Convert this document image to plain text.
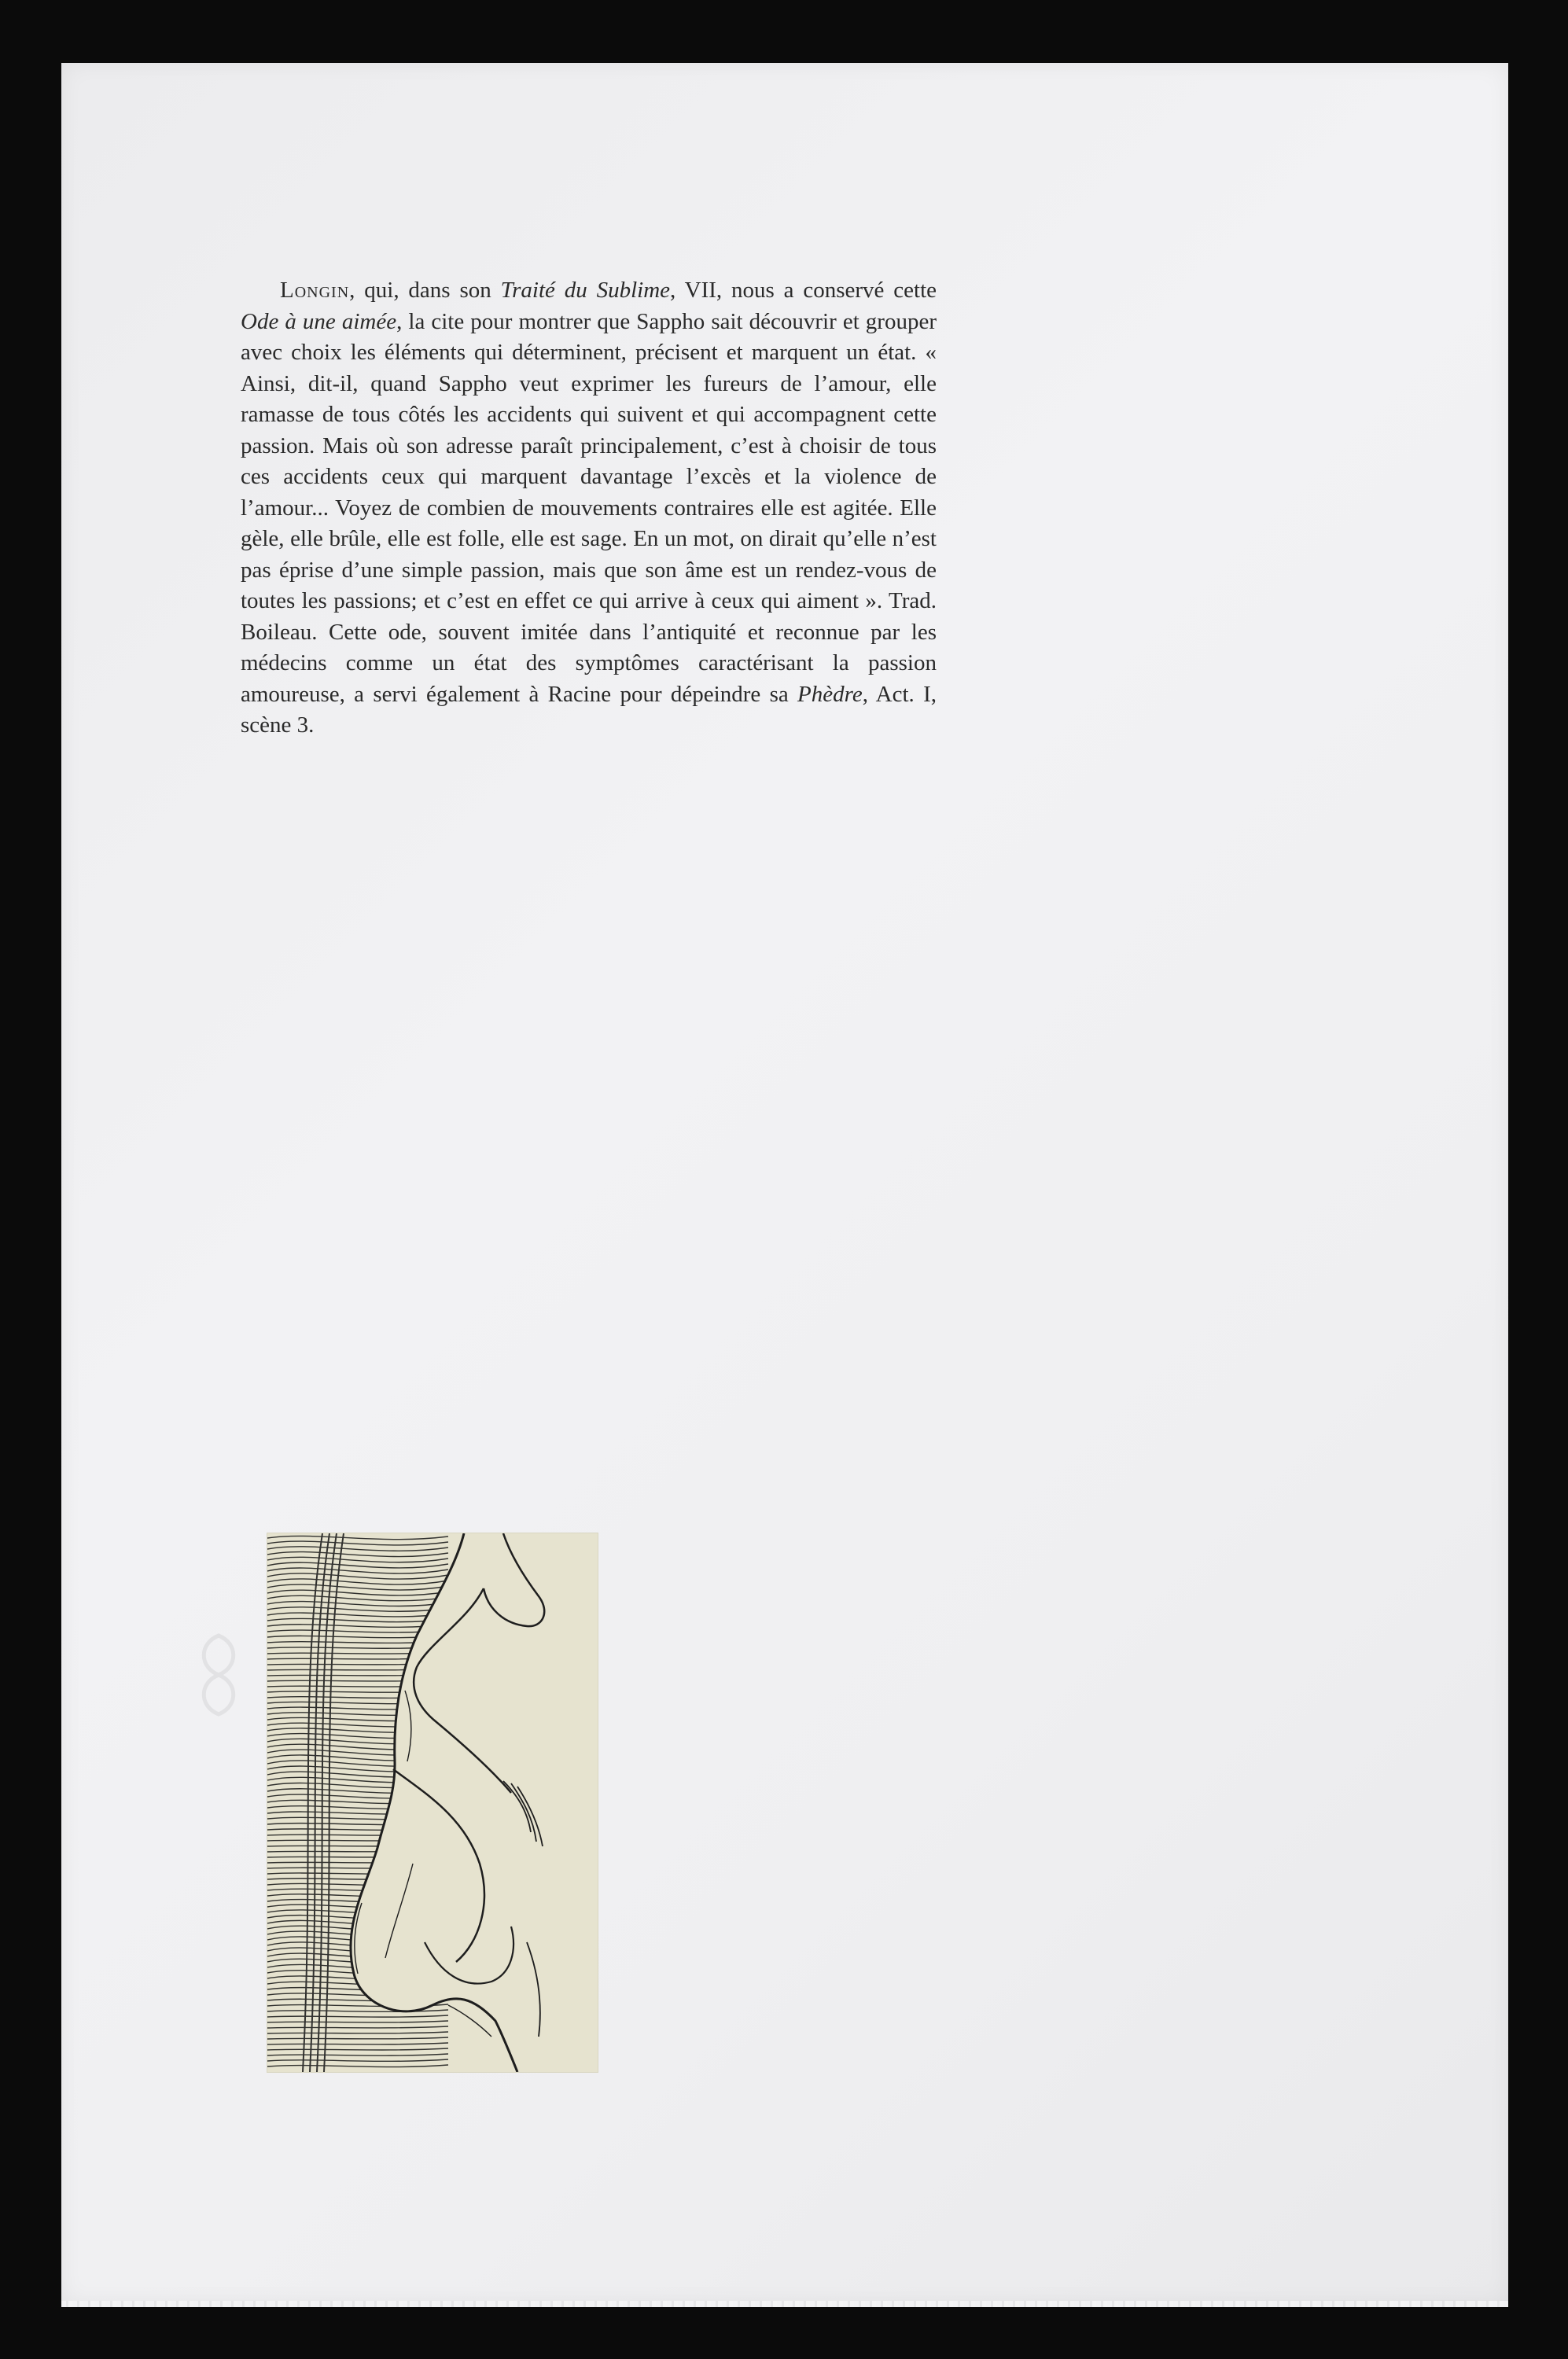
Longin, qui, dans son Traité du Sublime, VII, nous a conservé cette Ode à une aimée, la cite pour montrer que Sappho sait découvrir et grouper avec choix les éléments qui déterminent, précisent et marquent un état. « Ainsi, dit-il, quand Sappho veut exprimer les fureurs de l’amour, elle ramasse de tous côtés les accidents qui suivent et qui accompagnent cette passion. Mais où son adresse paraît principalement, c’est à choisir de tous ces accidents ceux qui marquent davantage l’excès et la violence de l’amour... Voyez de combien de mouvements contraires elle est agitée. Elle gèle, elle brûle, elle est folle, elle est sage. En un mot, on dirait qu’elle n’est pas éprise d’une simple passion, mais que son âme est un rendez-vous de toutes les passions; et c’est en effet ce qui arrive à ceux qui aiment ». Trad. Boileau. Cette ode, souvent imitée dans l’antiquité et reconnue par les médecins comme un état des symptômes caractérisant la passion amoureuse, a servi également à Racine pour dépeindre sa Phèdre, Act. I, scène 3.
